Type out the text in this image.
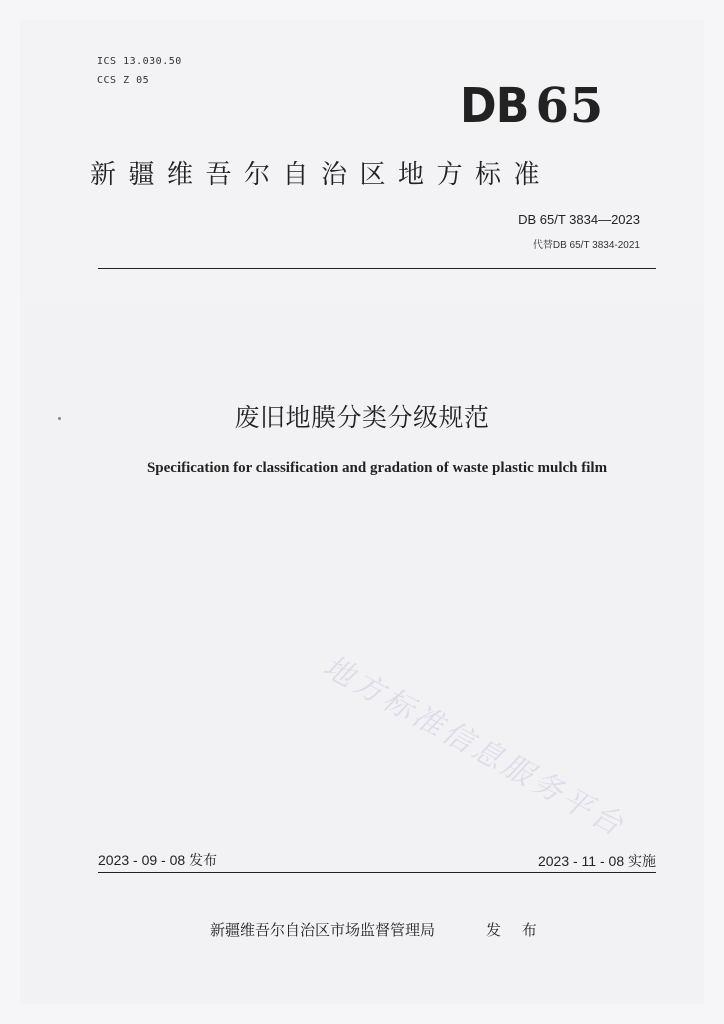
ICS 13.030.50
CCS Z 05	DB 65
新疆维吾尔自治区地方标准
DB 65/T 3834—2023
代替DB 65/T 3834-2021
废旧地膜分类分级规范
Specification for classification and gradation of waste plastic mulch film
地方标准信息服务平台
2023 - 09 - 08 发布	2023 - 11 - 08 实施
新疆维吾尔自治区市场监督管理局	发 布
